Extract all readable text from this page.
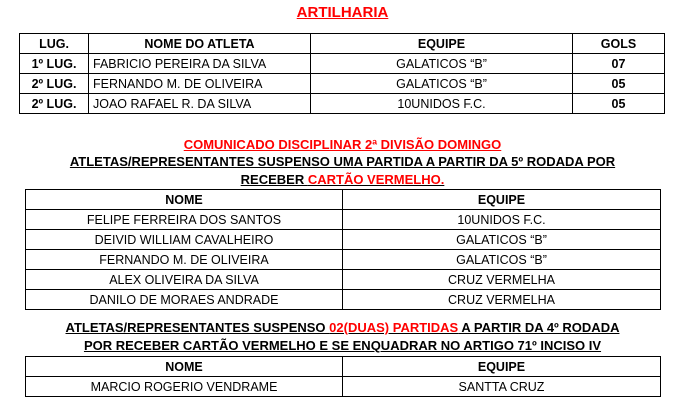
ARTILHARIA
LUG.	NOME DO ATLETA	EQUIPE	GOLS
1º LUG.	FABRICIO PEREIRA DA SILVA	GALATICOS “B”	07
2º LUG.	FERNANDO M. DE OLIVEIRA	GALATICOS “B”	05
2º LUG.	JOAO RAFAEL R. DA SILVA	10UNIDOS F.C.	05
COMUNICADO DISCIPLINAR 2ª DIVISÃO DOMINGO
ATLETAS/REPRESENTANTES SUSPENSO UMA PARTIDA A PARTIR DA 5º RODADA POR
RECEBER CARTÃO VERMELHO.
NOME	EQUIPE
FELIPE FERREIRA DOS SANTOS	10UNIDOS F.C.
DEIVID WILLIAM CAVALHEIRO	GALATICOS “B”
FERNANDO M. DE OLIVEIRA	GALATICOS “B”
ALEX OLIVEIRA DA SILVA	CRUZ VERMELHA
DANILO DE MORAES ANDRADE	CRUZ VERMELHA
ATLETAS/REPRESENTANTES SUSPENSO 02(DUAS) PARTIDAS A PARTIR DA 4º RODADA
POR RECEBER CARTÃO VERMELHO E SE ENQUADRAR NO ARTIGO 71º INCISO IV
NOME	EQUIPE
MARCIO ROGERIO VENDRAME	SANTTA CRUZ
